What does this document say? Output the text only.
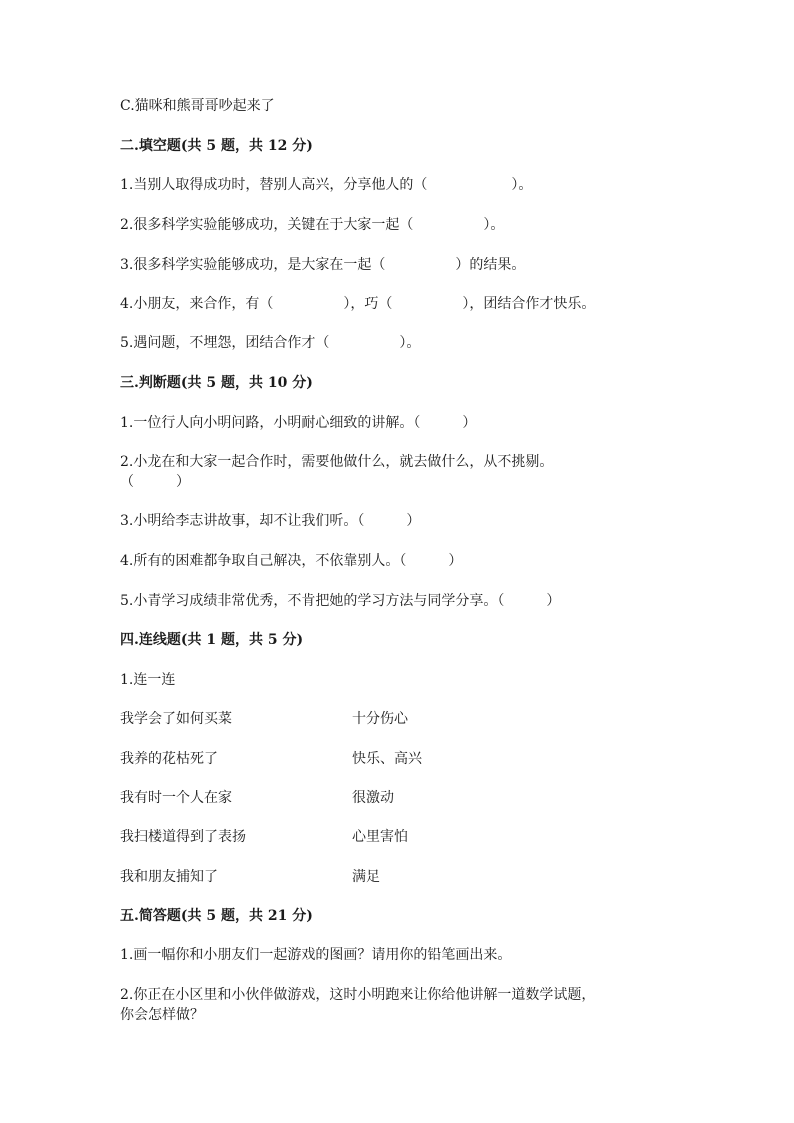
C.猫咪和熊哥哥吵起来了
二.填空题(共 5 题，共 12 分)
1.当别人取得成功时，替别人高兴，分享他人的（　　　　　　）。
2.很多科学实验能够成功，关键在于大家一起（　　　　　）。
3.很多科学实验能够成功，是大家在一起（　　　　　）的结果。
4.小朋友，来合作，有（　　　　　），巧（　　　　　），团结合作才快乐。
5.遇问题，不埋怨，团结合作才（　　　　　）。
三.判断题(共 5 题，共 10 分)
1.一位行人向小明问路，小明耐心细致的讲解。（　　　）
2.小龙在和大家一起合作时，需要他做什么，就去做什么，从不挑剔。
（　　　）
3.小明给李志讲故事，却不让我们听。（　　　）
4.所有的困难都争取自己解决，不依靠别人。（　　　）
5.小青学习成绩非常优秀，不肯把她的学习方法与同学分享。（　　　）
四.连线题(共 1 题，共 5 分)
1.连一连
我学会了如何买菜	十分伤心
我养的花枯死了	快乐、高兴
我有时一个人在家	很激动
我扫楼道得到了表扬	心里害怕
我和朋友捕知了	满足
五.简答题(共 5 题，共 21 分)
1.画一幅你和小朋友们一起游戏的图画？请用你的铅笔画出来。
2.你正在小区里和小伙伴做游戏，这时小明跑来让你给他讲解一道数学试题，
你会怎样做？
